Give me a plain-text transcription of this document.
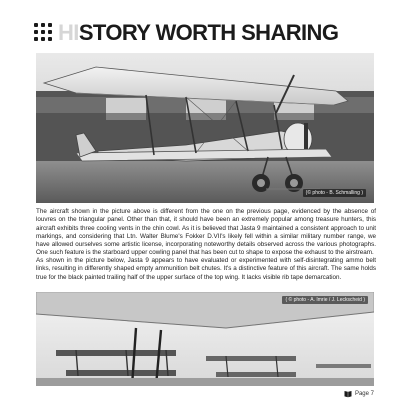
HISTORY WORTH SHARING
(© photo - B. Schmalling )
The aircraft shown in the picture above is different from the one on the previous page, evidenced by the absence of louvres on the triangular panel. Other than that, it should have been an extremely popular among treasure hunters, this aircraft exhibits three cooling vents in the chin cowl. As it is believed that Jasta 9 maintained a consistent approach to unit markings, and considering that Ltn. Walter Blume's Fokker D.VII's likely fell within a similar military number range, we have allowed ourselves some artistic license, incorporating noteworthy details observed across the various photographs. One such feature is the starboard upper cowling panel that has been cut to shape to expose the exhaust to the airstream.
As shown in the picture below, Jasta 9 appears to have evaluated or experimented with self-disintegrating ammo belt links, resulting in differently shaped empty ammunition belt chutes. It's a distinctive feature of this aircraft. The same holds true for the black painted trailing half of the upper surface of the top wing. It lacks visible rib tape demarcation.
( © photo - A. Imrie / J. Leckscheid )
Page 7
